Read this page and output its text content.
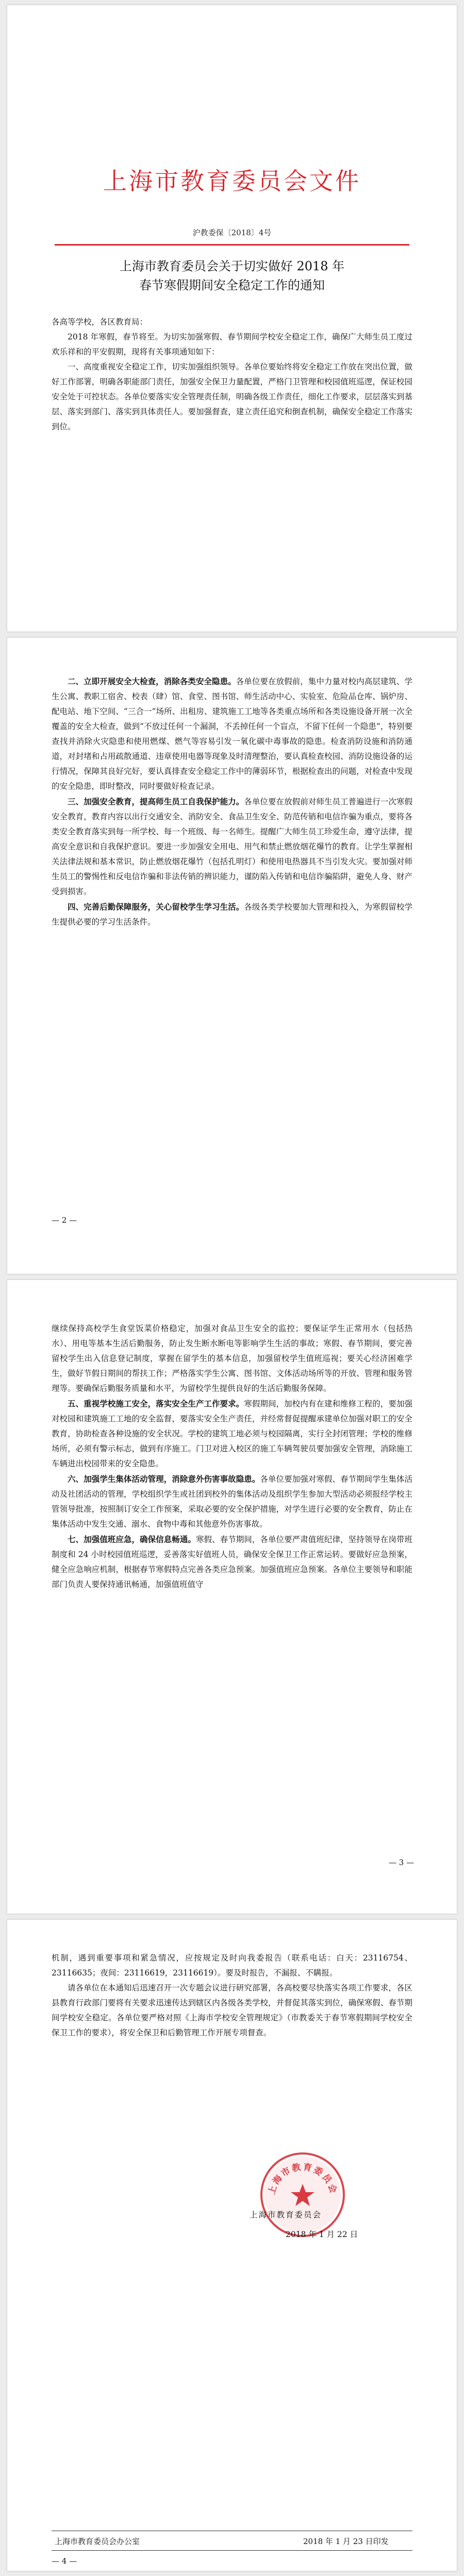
上海市教育委员会文件
沪教委保〔2018〕4号
上海市教育委员会关于切实做好 2018 年
春节寒假期间安全稳定工作的通知

各高等学校，各区教育局：

2018 年寒假，春节将至。为切实加强寒假、春节期间学校安全稳定工作，确保广大师生员工度过欢乐祥和的平安假期，现将有关事项通知如下：

一、高度重视安全稳定工作，切实加强组织领导。各单位要始终将安全稳定工作放在突出位置，做好工作部署，明确各职能部门责任，加强安全保卫力量配置，严格门卫管理和校园值班巡逻，保证校园安全处于可控状态。各单位要落实安全管理责任制，明确各级工作责任，细化工作要求，层层落实到基层、落实到部门、落实到具体责任人。要加强督查，建立责任追究和倒查机制，确保安全稳定工作落实到位。

二、立即开展安全大检查，消除各类安全隐患。各单位要在放假前，集中力量对校内高层建筑、学生公寓、教职工宿舍、校表（肆）馆、食堂、图书馆、师生活动中心、实验室、危险品仓库、锅炉房、配电站、地下空间、“三合一”场所、出租房、建筑施工工地等各类重点场所和各类设施设备开展一次全覆盖的安全大检查，做到“不放过任何一个漏洞，不丢掉任何一个盲点，不留下任何一个隐患”，特别要查找并消除火灾隐患和使用燃煤、燃气等容易引发一氧化碳中毒事故的隐患。检查消防设施和消防通道，对封堵和占用疏散通道、违章使用电器等现象及时清理整治，要认真检查校园、消防设施设备的运行情况，保障其良好完好，要认真排查安全稳定工作中的薄弱环节，根据检查出的问题，对检查中发现的安全隐患，即时整改，同时要做好检查记录。

三、加强安全教育，提高师生员工自我保护能力。各单位要在放假前对师生员工普遍进行一次寒假安全教育，教育内容以出行交通安全、消防安全、食品卫生安全、防范传销和电信诈骗为重点，要将各类安全教育落实到每一所学校、每一个班级、每一名师生。提醒广大师生员工珍爱生命，遵守法律，提高安全意识和自我保护意识。要进一步加强安全用电、用气和禁止燃放烟花爆竹的教育。让学生掌握相关法律法规和基本常识，防止燃放烟花爆竹（包括孔明灯）和使用电热器具不当引发火灾。要加强对师生员工的警惕性和反电信诈骗和非法传销的辨识能力，谨防陷入传销和电信诈骗陷阱，避免人身、财产受到损害。

四、完善后勤保障服务，关心留校学生学习生活。各级各类学校要加大管理和投入，为寒假留校学生提供必要的学习生活条件。

— 2 —

继续保持高校学生食堂饭菜价格稳定，加强对食品卫生安全的监控；要保证学生正常用水（包括热水）、用电等基本生活后勤服务，防止发生断水断电等影响学生生活的事故；寒假、春节期间，要完善留校学生出入信息登记制度，掌握在留学生的基本信息，加强留校学生值班巡视；要关心经济困难学生，做好节假日期间的帮扶工作；严格落实学生公寓、图书馆、文体活动场所等的开放、管理和服务管理等。要确保后勤服务质量和水平，为留校学生提供良好的生活后勤服务保障。

五、重视学校施工安全，落实安全生产工作要求。寒假期间，加校内有在建和维修工程的，要加强对校园和建筑施工工地的安全监督，要落实安全生产责任，并经常督促提醒承建单位加强对职工的安全教育，协助检查各种设施的安全状况。学校的建筑工地必须与校园隔离，实行全封闭管理；学校的维修场所，必须有警示标志，做到有序施工。门卫对进入校区的施工车辆驾驶员要加强安全管理，消除施工车辆进出校园带来的安全隐患。

六、加强学生集体活动管理，消除意外伤害事故隐患。各单位要加强对寒假、春节期间学生集体活动及社团活动的管理，学校组织学生或社团到校外的集体活动及组织学生参加大型活动必须报经学校主管领导批准，按照制订安全工作预案，采取必要的安全保护措施，对学生进行必要的安全教育，防止在集体活动中发生交通、溺水、食物中毒和其他意外伤害事故。

七、加强值班应急，确保信息畅通。寒假、春节期间，各单位要严肃值班纪律，坚持领导在岗带班制度和 24 小时校园值班巡逻，妥善落实好值班人员，确保安全保卫工作正常运转。要做好应急预案，健全应急响应机制，根据春节寒假特点完善各类应急预案。加强值班应急预案。各单位主要领导和职能部门负责人要保持通讯畅通，加强值班值守

— 3 —

机制，遇到重要事项和紧急情况，应按规定及时向我委报告（联系电话：白天：23116754、23116635；夜间：23116619，23116619）。要及时报告，不漏报、不瞒报。

请各单位在本通知后迅速召开一次专题会议进行研究部署，各高校要尽快落实各项工作要求，各区县教育行政部门要将有关要求迅速传达到辖区内各级各类学校，并督促其落实到位，确保寒假、春节期间学校安全稳定。各单位要严格对照《上海市学校安全管理规定》（市教委关于春节寒假期间学校安全保卫工作的要求），将安全保卫和后勤管理工作开展专项督查。

上海市教育委员会
上海市教育委员会
2018 年 1 月 22 日
上海市教育委员会办公室	2018 年 1 月 23 日印发
— 4 —
